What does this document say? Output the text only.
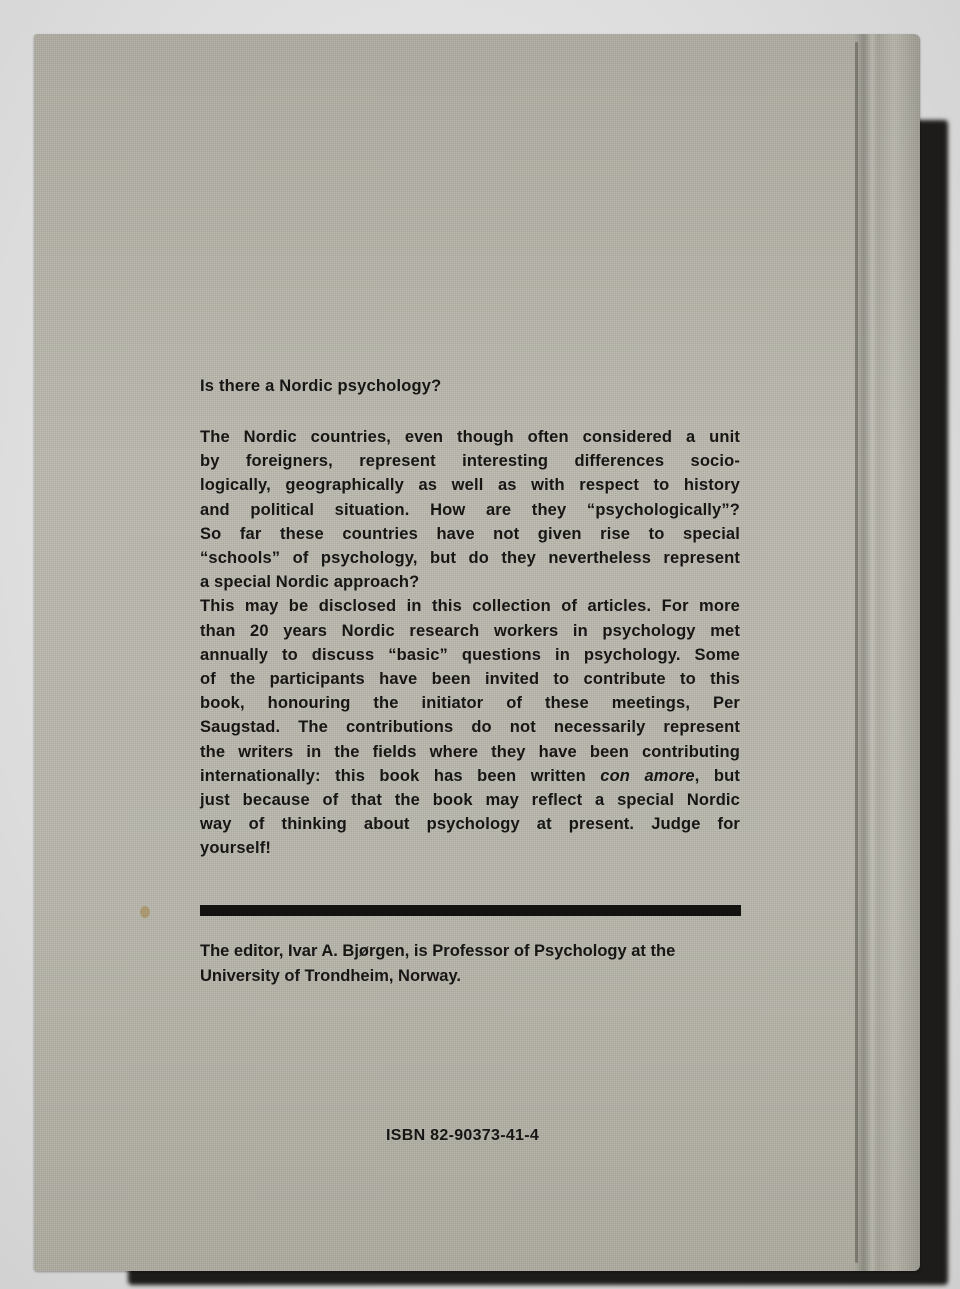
Is there a Nordic psychology?

The Nordic countries, even though often considered a unit
by foreigners, represent interesting differences socio-
logically, geographically as well as with respect to history
and political situation. How are they “psychologically”?
So far these countries have not given rise to special
“schools” of psychology, but do they nevertheless represent
a special Nordic approach?
This may be disclosed in this collection of articles. For more
than 20 years Nordic research workers in psychology met
annually to discuss “basic” questions in psychology. Some
of the participants have been invited to contribute to this
book, honouring the initiator of these meetings, Per
Saugstad. The contributions do not necessarily represent
the writers in the fields where they have been contributing
internationally: this book has been written con amore, but
just because of that the book may reflect a special Nordic
way of thinking about psychology at present. Judge for
yourself!
The editor, Ivar A. Bjørgen, is Professor of Psychology at the
University of Trondheim, Norway.
ISBN 82-90373-41-4
